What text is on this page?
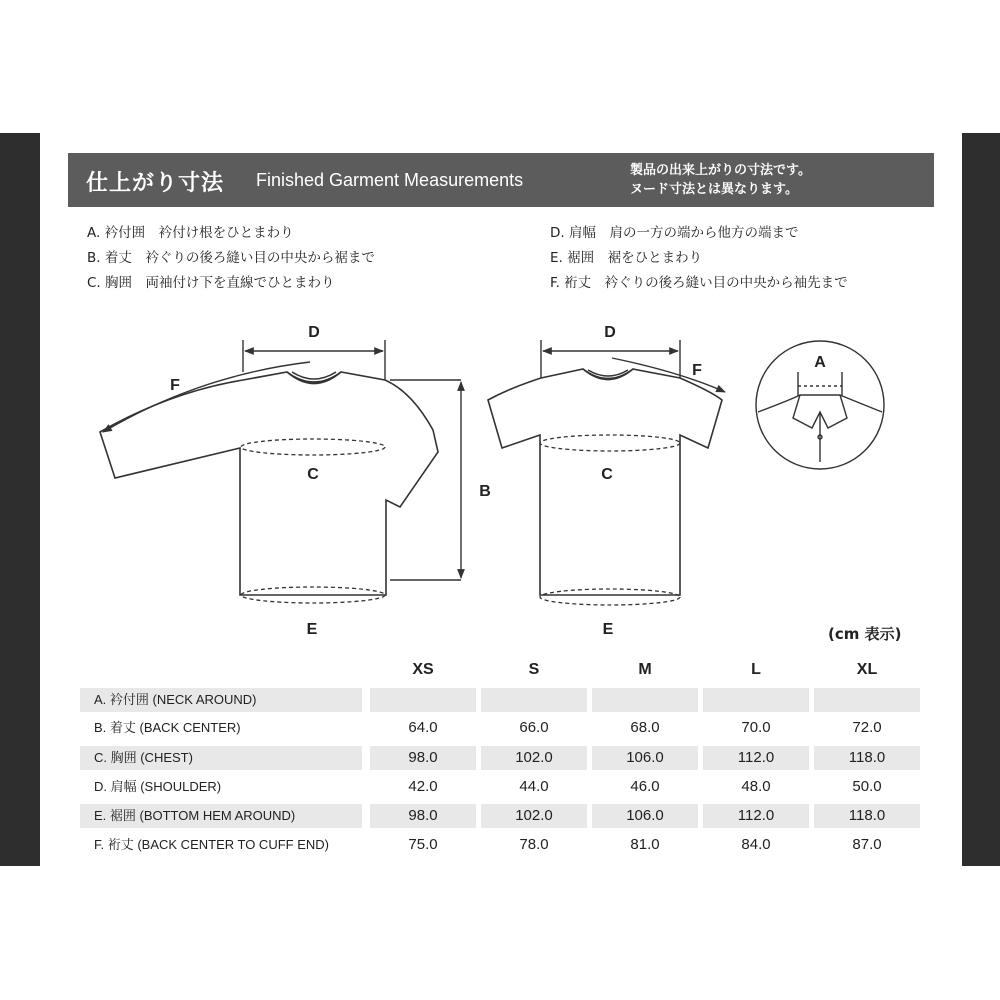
仕上がり寸法 Finished Garment Measurements	製品の出来上がりの寸法です。
ヌード寸法とは異なります。
A. 衿付囲　衿付け根をひとまわり
B. 着丈　衿ぐりの後ろ縫い目の中央から裾まで
C. 胸囲　両袖付け下を直線でひとまわり
D. 肩幅　肩の一方の端から他方の端まで
E. 裾囲　裾をひとまわり
F. 裄丈　衿ぐりの後ろ縫い目の中央から袖先まで
D	D
F
F
C	C
B
E	E
A
(cm 表示)
XS	S	M	L	XL
A. 衿付囲 (NECK AROUND)
B. 着丈 (BACK CENTER)	64.0	66.0	68.0	70.0	72.0
C. 胸囲 (CHEST)	98.0	102.0	106.0	112.0	118.0
D. 肩幅 (SHOULDER)	42.0	44.0	46.0	48.0	50.0
E. 裾囲 (BOTTOM HEM AROUND)	98.0	102.0	106.0	112.0	118.0
F. 裄丈 (BACK CENTER TO CUFF END)	75.0	78.0	81.0	84.0	87.0
